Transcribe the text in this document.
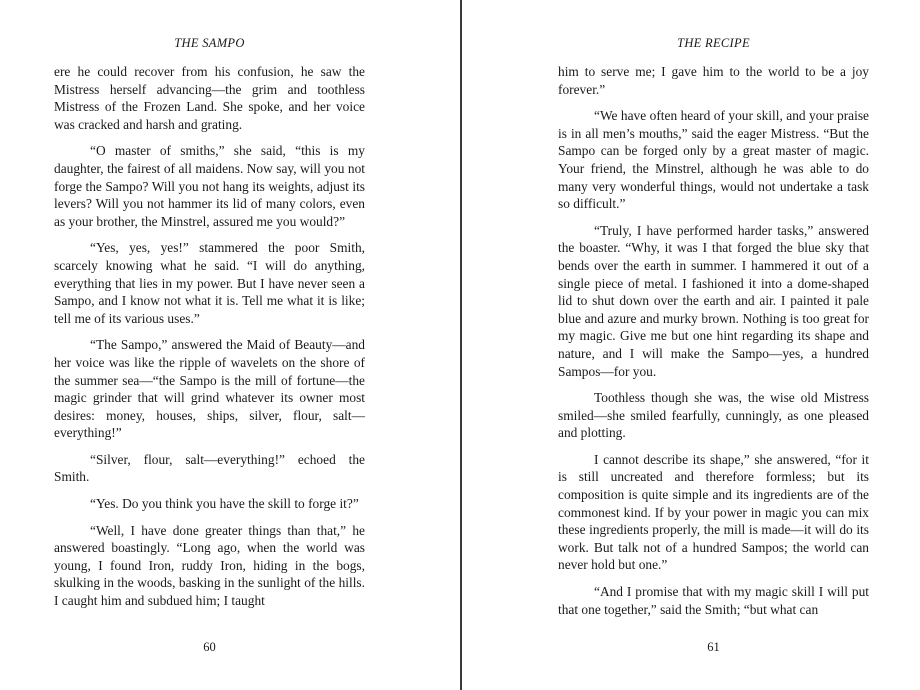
THE SAMPO

ere he could recover from his confusion, he saw the Mistress herself advancing—the grim and toothless Mistress of the Frozen Land. She spoke, and her voice was cracked and harsh and grating.

“O master of smiths,” she said, “this is my daughter, the fairest of all maidens. Now say, will you not forge the Sampo? Will you not hang its weights, adjust its levers? Will you not hammer its lid of many colors, even as your brother, the Minstrel, assured me you would?”

“Yes, yes, yes!” stammered the poor Smith, scarcely knowing what he said. “I will do anything, everything that lies in my power. But I have never seen a Sampo, and I know not what it is. Tell me what it is like; tell me of its various uses.”

“The Sampo,” answered the Maid of Beauty—and her voice was like the ripple of wavelets on the shore of the summer sea—“the Sampo is the mill of fortune—the magic grinder that will grind whatever its owner most desires: money, houses, ships, silver, flour, salt—everything!”

“Silver, flour, salt—everything!” echoed the Smith.

“Yes. Do you think you have the skill to forge it?”

“Well, I have done greater things than that,” he answered boastingly. “Long ago, when the world was young, I found Iron, ruddy Iron, hiding in the bogs, skulking in the woods, basking in the sunlight of the hills. I caught him and subdued him; I taught

60
THE RECIPE

him to serve me; I gave him to the world to be a joy forever.”

“We have often heard of your skill, and your praise is in all men’s mouths,” said the eager Mistress. “But the Sampo can be forged only by a great master of magic. Your friend, the Minstrel, although he was able to do many very wonderful things, would not undertake a task so difficult.”

“Truly, I have performed harder tasks,” answered the boaster. “Why, it was I that forged the blue sky that bends over the earth in summer. I hammered it out of a single piece of metal. I fashioned it into a dome-shaped lid to shut down over the earth and air. I painted it pale blue and azure and murky brown. Nothing is too great for my magic. Give me but one hint regarding its shape and nature, and I will make the Sampo—yes, a hundred Sampos—for you.

Toothless though she was, the wise old Mistress smiled—she smiled fearfully, cunningly, as one pleased and plotting.

I cannot describe its shape,” she answered, “for it is still uncreated and therefore formless; but its composition is quite simple and its ingredients are of the commonest kind. If by your power in magic you can mix these ingredients properly, the mill is made—it will do its work. But talk not of a hundred Sampos; the world can never hold but one.”

“And I promise that with my magic skill I will put that one together,” said the Smith; “but what can

61
